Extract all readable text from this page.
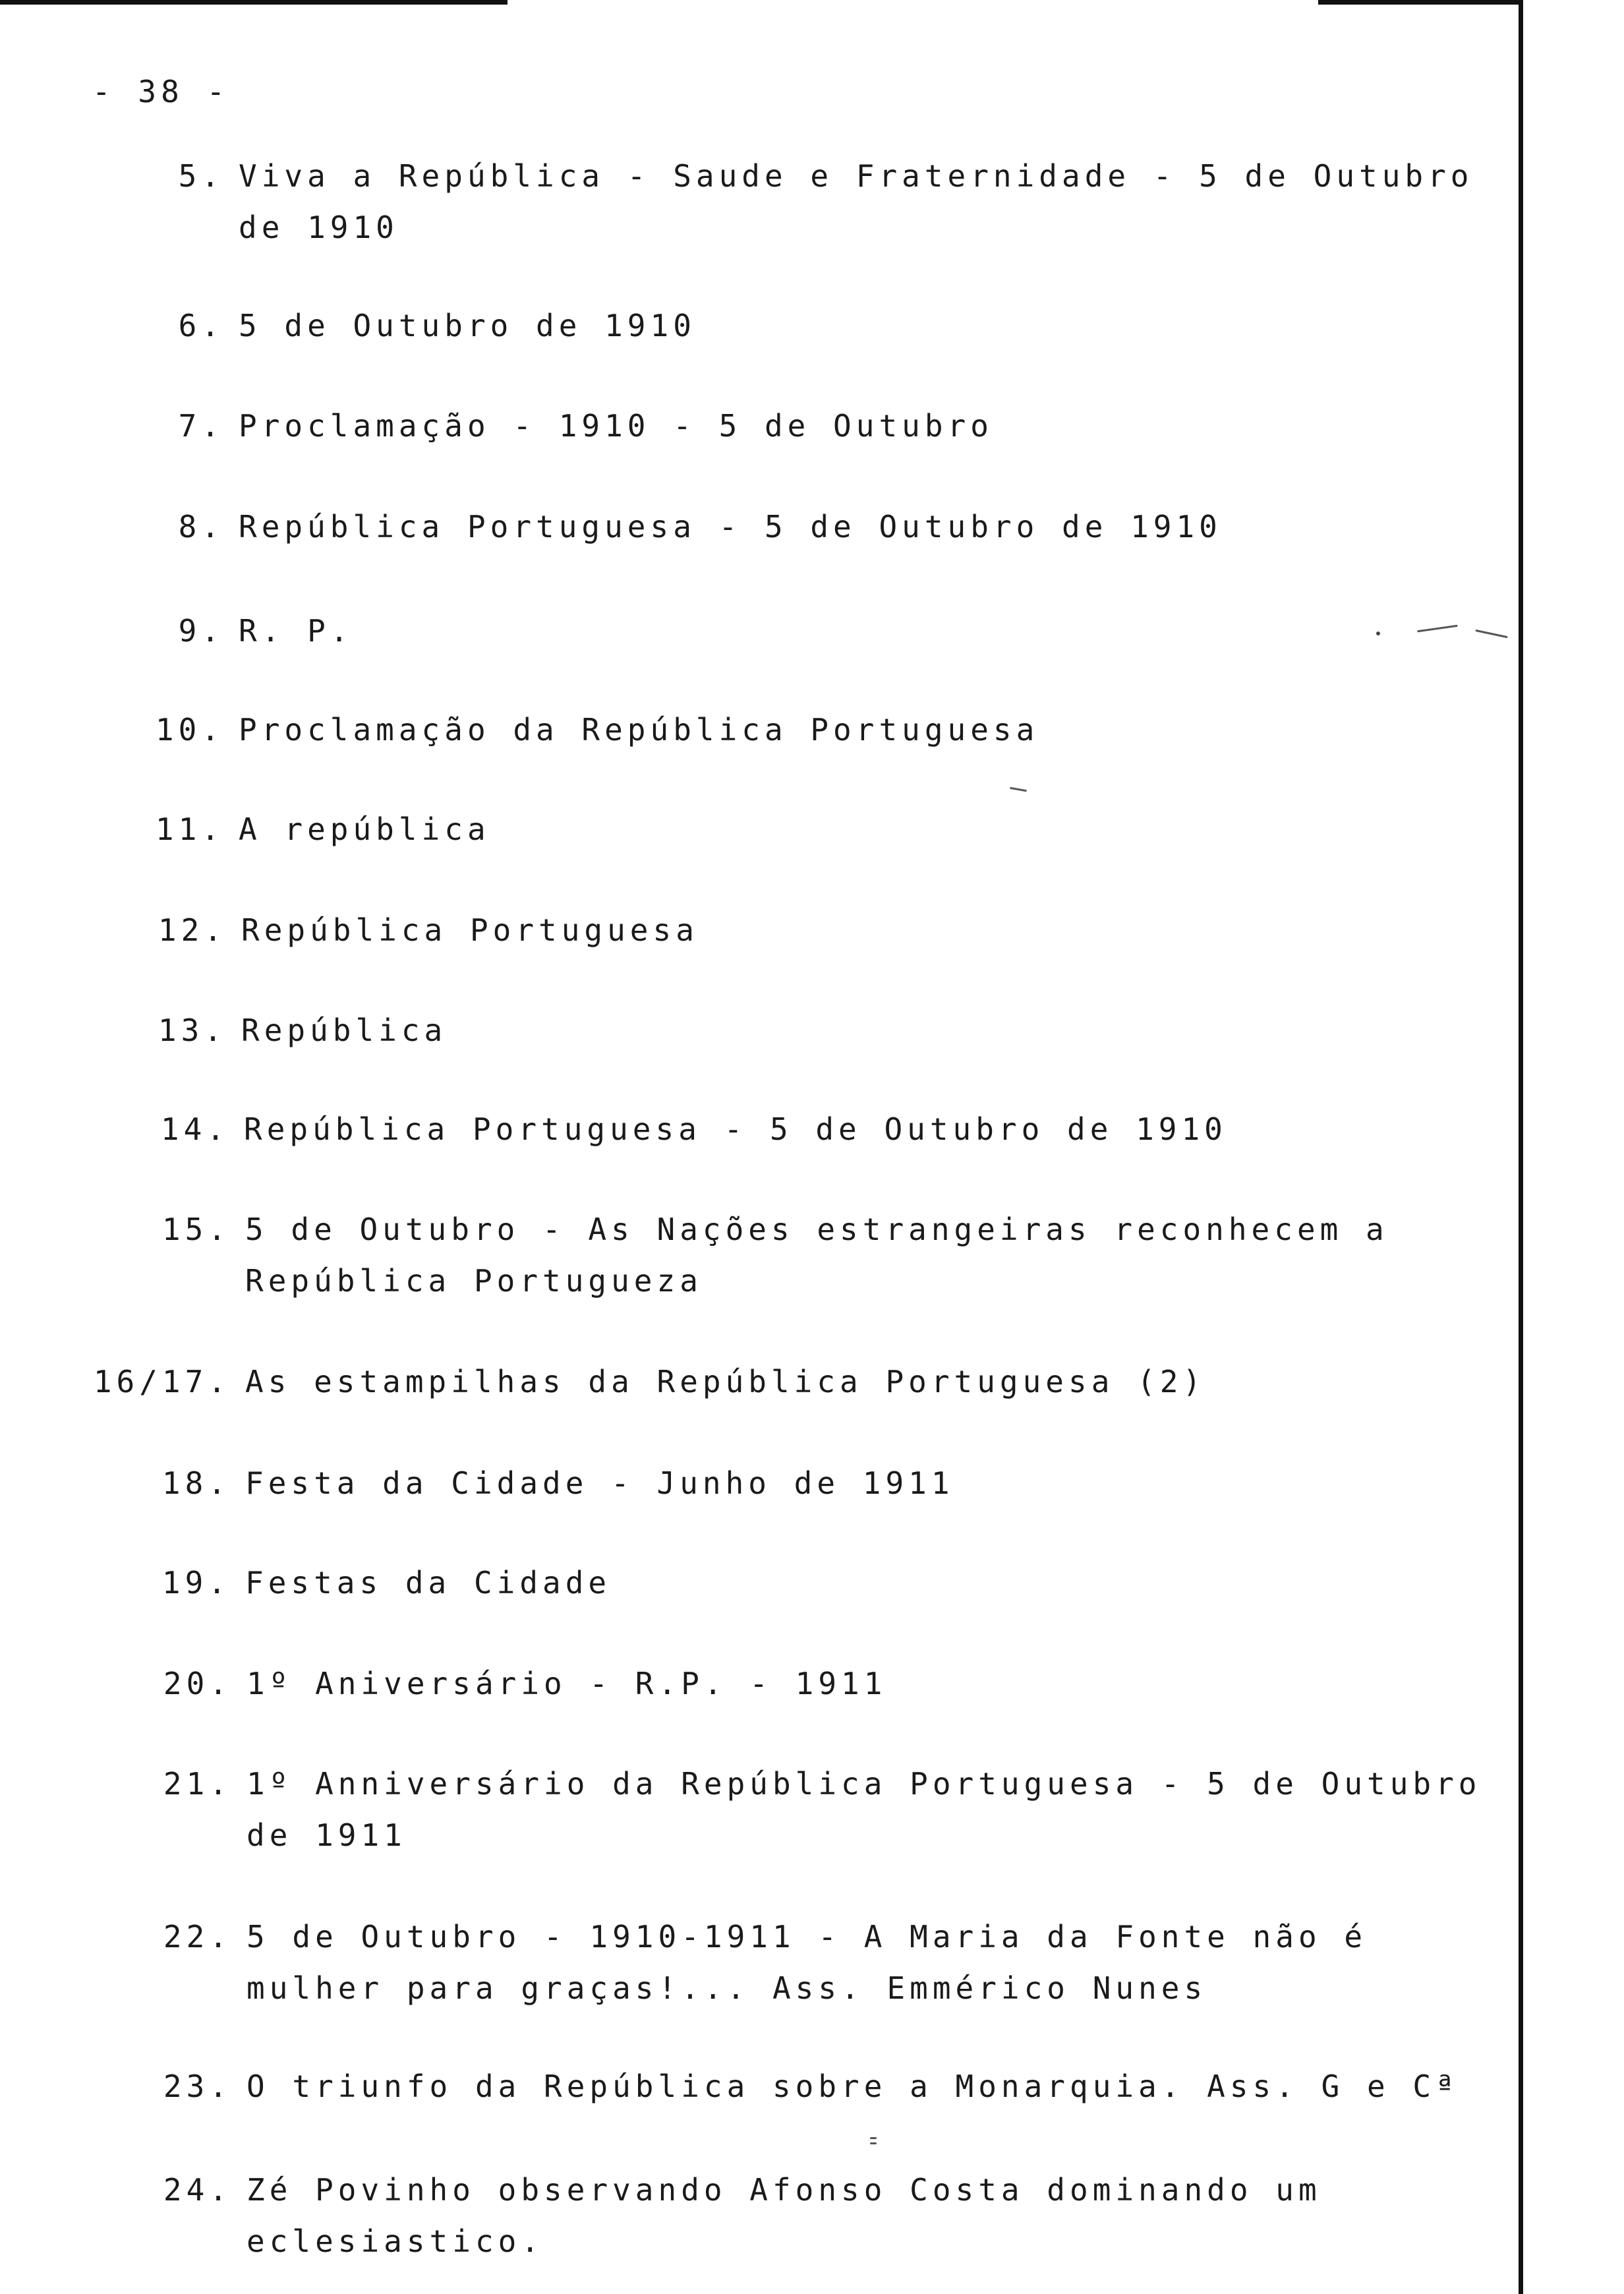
- 38 -
5. Viva a República - Saude e Fraternidade - 5 de Outubro
de 1910
6. 5 de Outubro de 1910
7. Proclamação - 1910 - 5 de Outubro
8. República Portuguesa - 5 de Outubro de 1910
9. R. P.
10. Proclamação da República Portuguesa
11. A república
12. República Portuguesa
13. República
14. República Portuguesa - 5 de Outubro de 1910
15. 5 de Outubro - As Nações estrangeiras reconhecem a
República Portugueza
16/17. As estampilhas da República Portuguesa (2)
18. Festa da Cidade - Junho de 1911
19. Festas da Cidade
20. 1º Aniversário - R.P. - 1911
21. 1º Anniversário da República Portuguesa - 5 de Outubro
de 1911
22. 5 de Outubro - 1910-1911 - A Maria da Fonte não é
mulher para graças!... Ass. Emmérico Nunes
23. O triunfo da República sobre a Monarquia. Ass. G e Cª
24. Zé Povinho observando Afonso Costa dominando um
eclesiastico.
